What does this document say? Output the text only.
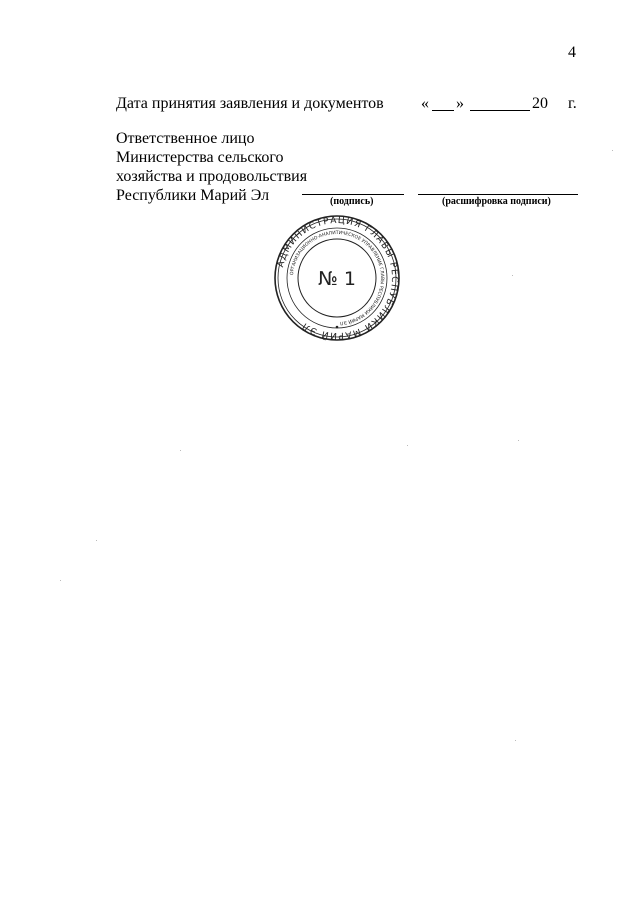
4
Дата принятия заявления и документов « »	20 г.
Ответственное лицо
Министерства сельского
хозяйства и продовольствия
Республики Марий Эл	(подпись)	(расшифровка подписи)
АДМИНИСТРАЦИЯ ГЛАВЫ РЕСПУБЛИКИ МАРИЙ ЭЛ
ОРГАНИЗАЦИОННО-АНАЛИТИЧЕСКОЕ УПРАВЛЕНИЕ ГЛАВЫ РЕСПУБЛИКИ МАРИЙ ЭЛ
№ 1
